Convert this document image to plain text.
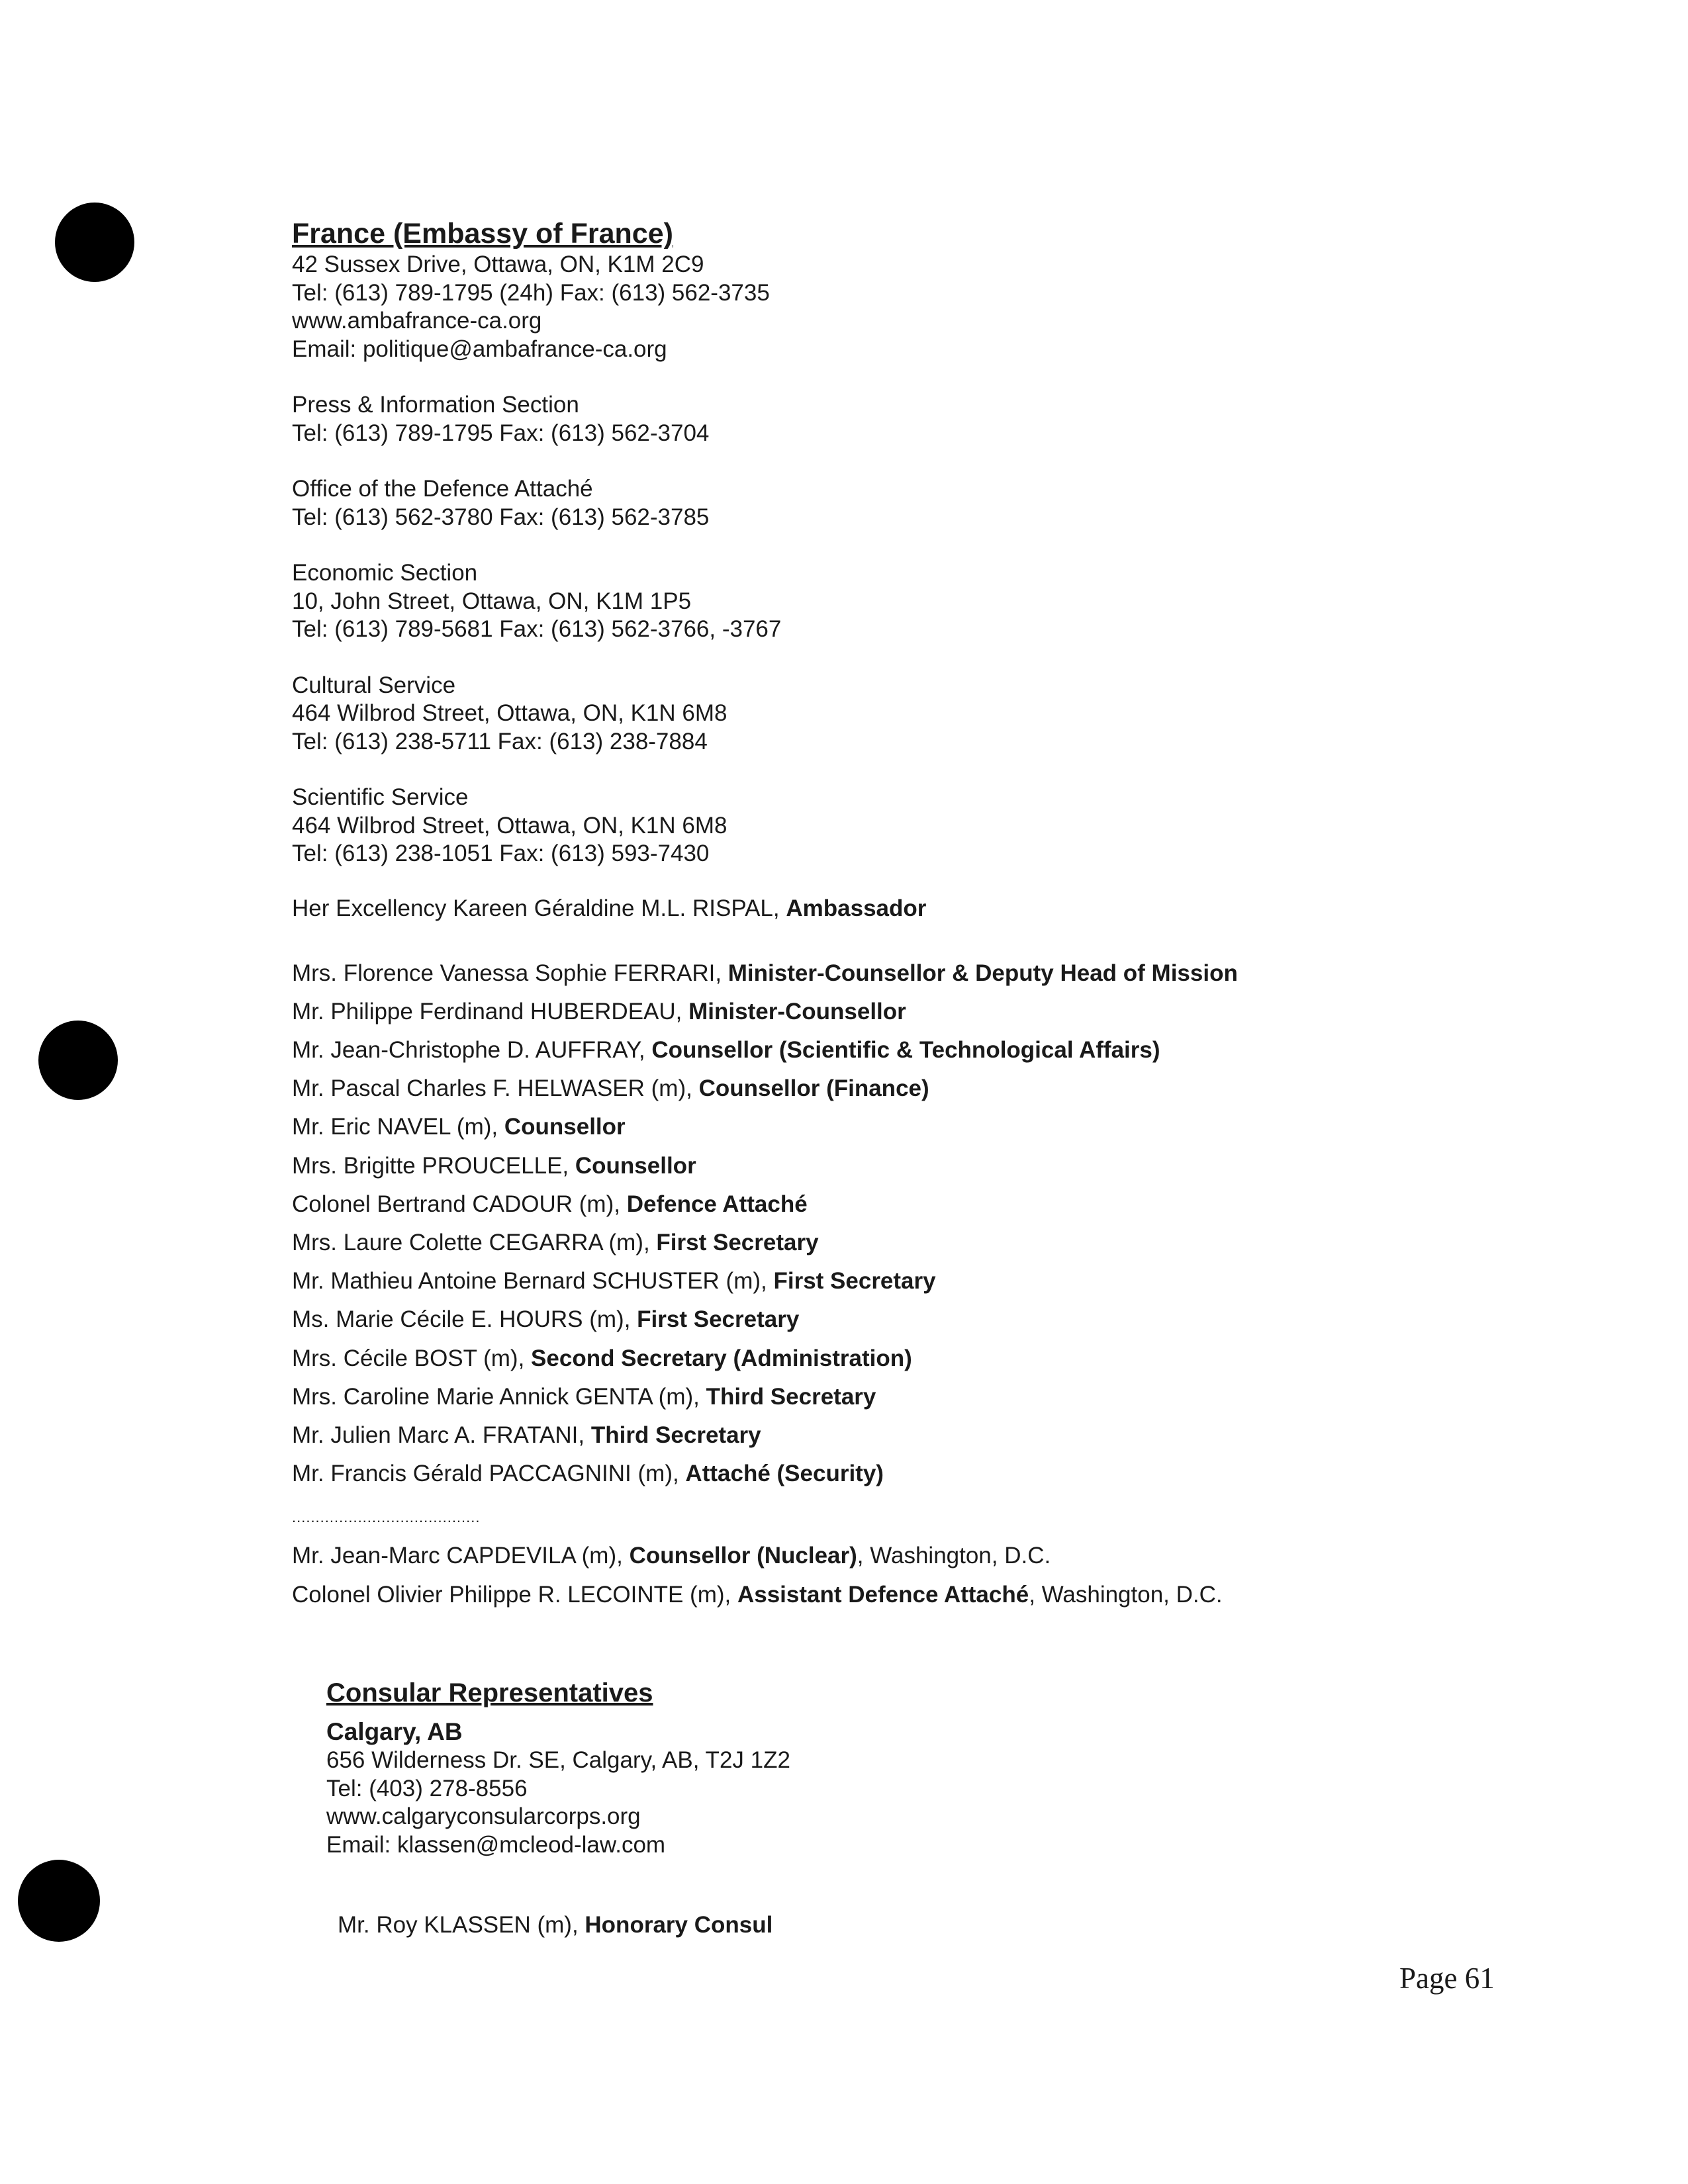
France (Embassy of France)
42 Sussex Drive, Ottawa, ON, K1M 2C9
Tel: (613) 789-1795 (24h) Fax: (613) 562-3735
www.ambafrance-ca.org
Email: politique@ambafrance-ca.org
Press & Information Section
Tel: (613) 789-1795 Fax: (613) 562-3704
Office of the Defence Attaché
Tel: (613) 562-3780 Fax: (613) 562-3785
Economic Section
10, John Street, Ottawa, ON, K1M 1P5
Tel: (613) 789-5681 Fax: (613) 562-3766, -3767
Cultural Service
464 Wilbrod Street, Ottawa, ON, K1N 6M8
Tel: (613) 238-5711 Fax: (613) 238-7884
Scientific Service
464 Wilbrod Street, Ottawa, ON, K1N 6M8
Tel: (613) 238-1051 Fax: (613) 593-7430
Her Excellency Kareen Géraldine M.L. RISPAL, Ambassador
Mrs. Florence Vanessa Sophie FERRARI, Minister-Counsellor & Deputy Head of Mission
Mr. Philippe Ferdinand HUBERDEAU, Minister-Counsellor
Mr. Jean-Christophe D. AUFFRAY, Counsellor (Scientific & Technological Affairs)
Mr. Pascal Charles F. HELWASER (m), Counsellor (Finance)
Mr. Eric NAVEL (m), Counsellor
Mrs. Brigitte PROUCELLE, Counsellor
Colonel Bertrand CADOUR (m), Defence Attaché
Mrs. Laure Colette CEGARRA (m), First Secretary
Mr. Mathieu Antoine Bernard SCHUSTER (m), First Secretary
Ms. Marie Cécile E. HOURS (m), First Secretary
Mrs. Cécile BOST (m), Second Secretary (Administration)
Mrs. Caroline Marie Annick GENTA (m), Third Secretary
Mr. Julien Marc A. FRATANI, Third Secretary
Mr. Francis Gérald PACCAGNINI (m), Attaché (Security)
........................................
Mr. Jean-Marc CAPDEVILA (m), Counsellor (Nuclear), Washington, D.C.
Colonel Olivier Philippe R. LECOINTE (m), Assistant Defence Attaché, Washington, D.C.
Consular Representatives
Calgary, AB
656 Wilderness Dr. SE, Calgary, AB, T2J 1Z2
Tel: (403) 278-8556
www.calgaryconsularcorps.org
Email: klassen@mcleod-law.com
Mr. Roy KLASSEN (m), Honorary Consul
Page 61
